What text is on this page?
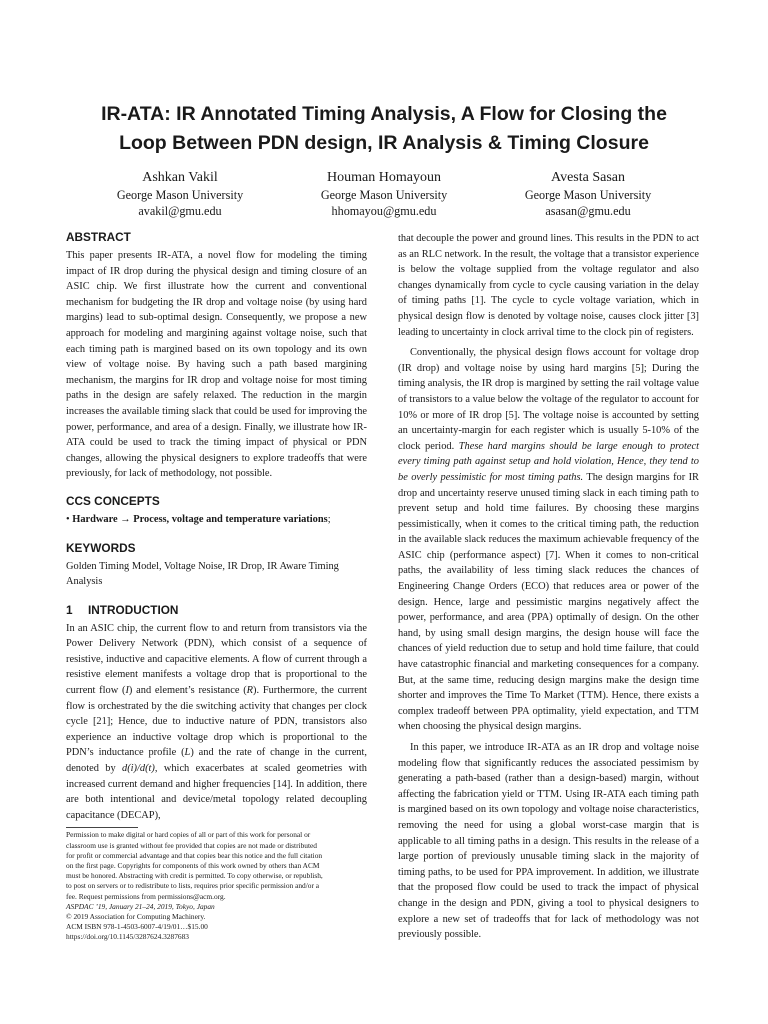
IR-ATA: IR Annotated Timing Analysis, A Flow for Closing the
Loop Between PDN design, IR Analysis & Timing Closure
Ashkan Vakil
George Mason University
avakil@gmu.edu
Houman Homayoun
George Mason University
hhomayou@gmu.edu
Avesta Sasan
George Mason University
asasan@gmu.edu
ABSTRACT

This paper presents IR-ATA, a novel flow for modeling the timing impact of IR drop during the physical design and timing closure of an ASIC chip. We first illustrate how the current and conventional mechanism for budgeting the IR drop and voltage noise (by using hard margins) lead to sub-optimal design. Consequently, we propose a new approach for modeling and margining against voltage noise, such that each timing path is margined based on its own topology and its own view of voltage noise. By having such a path based margining mechanism, the margins for IR drop and voltage noise for most timing paths in the design are safely relaxed. The reduction in the margin increases the available timing slack that could be used for improving the power, performance, and area of a design. Finally, we illustrate how IR-ATA could be used to track the timing impact of physical or PDN changes, allowing the physical designers to explore tradeoffs that were previously, for lack of methodology, not possible.

CCS CONCEPTS

• Hardware → Process, voltage and temperature variations;

KEYWORDS

Golden Timing Model, Voltage Noise, IR Drop, IR Aware Timing Analysis

1 INTRODUCTION

In an ASIC chip, the current flow to and return from transistors via the Power Delivery Network (PDN), which consist of a sequence of resistive, inductive and capacitive elements. A flow of current through a resistive element manifests a voltage drop that is proportional to the current flow (I) and element’s resistance (R). Furthermore, the current flow is orchestrated by the die switching activity that changes per clock cycle [21]; Hence, due to inductive nature of PDN, transistors also experience an inductive voltage drop which is proportional to the PDN’s inductance profile (L) and the rate of change in the current, denoted by d(i)/d(t), which exacerbates at scaled geometries with increased current demand and higher frequencies [14]. In addition, there are both intentional and device/metal topology related decoupling capacitance (DECAP),

Permission to make digital or hard copies of all or part of this work for personal or
classroom use is granted without fee provided that copies are not made or distributed
for profit or commercial advantage and that copies bear this notice and the full citation
on the first page. Copyrights for components of this work owned by others than ACM
must be honored. Abstracting with credit is permitted. To copy otherwise, or republish,
to post on servers or to redistribute to lists, requires prior specific permission and/or a
fee. Request permissions from permissions@acm.org.
ASPDAC ’19, January 21–24, 2019, Tokyo, Japan
© 2019 Association for Computing Machinery.
ACM ISBN 978-1-4503-6007-4/19/01…$15.00
https://doi.org/10.1145/3287624.3287683

that decouple the power and ground lines. This results in the PDN to act as an RLC network. In the result, the voltage that a transistor experience is below the voltage supplied from the voltage regulator and also changes dynamically from cycle to cycle causing variation in the delay of timing paths [1]. The cycle to cycle voltage variation, which in physical design flow is denoted by voltage noise, causes clock jitter [3] leading to uncertainty in clock arrival time to the clock pin of registers.

Conventionally, the physical design flows account for voltage drop (IR drop) and voltage noise by using hard margins [5]; During the timing analysis, the IR drop is margined by setting the rail voltage value of transistors to a value below the voltage of the regulator to account for 10% or more of IR drop [5]. The voltage noise is accounted by setting an uncertainty-margin for each register which is usually 5-10% of the clock period. These hard margins should be large enough to protect every timing path against setup and hold violation, Hence, they tend to be overly pessimistic for most timing paths. The design margins for IR drop and uncertainty reserve unused timing slack in each timing path to prevent setup and hold time failures. By choosing these margins pessimistically, when it comes to the critical timing path, the reduction in the available slack reduces the maximum achievable frequency of the ASIC chip (performance aspect) [7]. When it comes to non-critical paths, the availability of less timing slack reduces the chances of Engineering Change Orders (ECO) that reduces area or power of the design. Hence, large and pessimistic margins negatively affect the power, performance, and area (PPA) optimally of design. On the other hand, by using small design margins, the design house will face the chances of yield reduction due to setup and hold time failure, that could have catastrophic financial and marketing consequences for a company. But, at the same time, reducing design margins make the design time shorter and improves the Time To Market (TTM). Hence, there exists a complex tradeoff between PPA optimality, yield expectation, and TTM when choosing the physical design margins.

In this paper, we introduce IR-ATA as an IR drop and voltage noise modeling flow that significantly reduces the associated pessimism by generating a path-based (rather than a design-based) margin, without affecting the fabrication yield or TTM. Using IR-ATA each timing path is margined based on its own topology and voltage noise characteristics, removing the need for using a global worst-case margin that is applicable to all timing paths in a design. This results in the release of a large portion of previously unusable timing slack in the majority of timing paths, to be used for PPA improvement. In addition, we illustrate that the proposed flow could be used to track the impact of physical change in the design and PDN, giving a tool to physical designers to explore a new set of tradeoffs that for lack of methodology was not previously possible.
